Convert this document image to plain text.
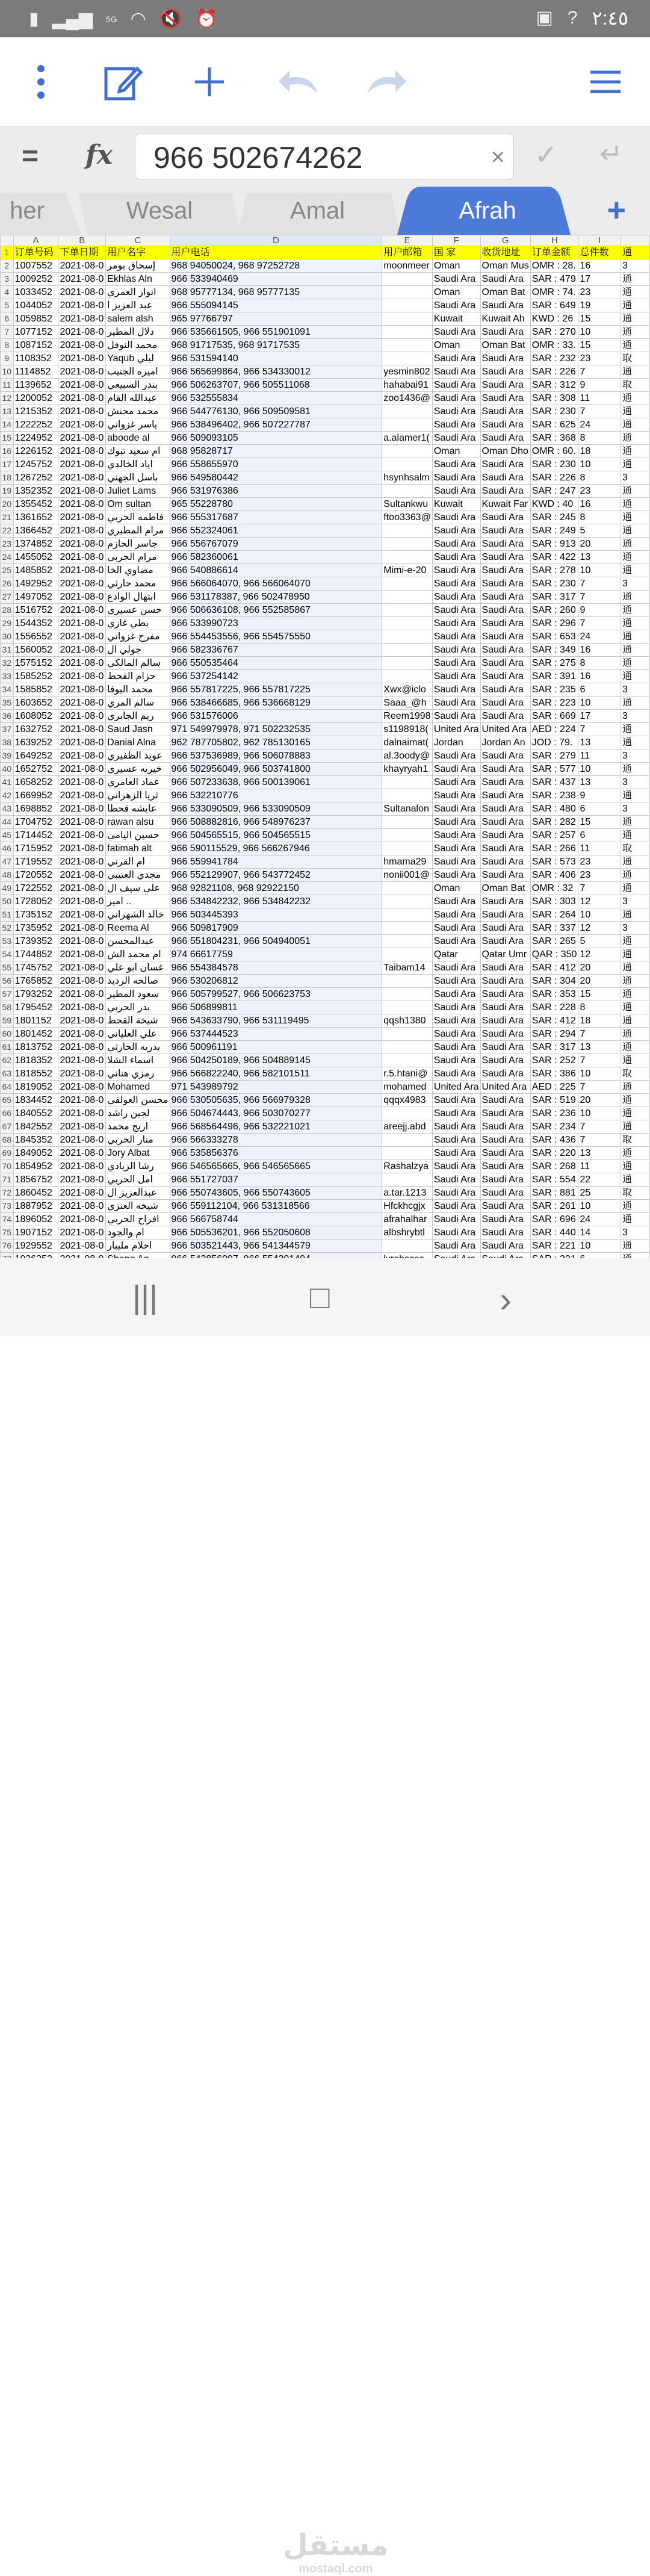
▮ ▂▄▆ 5G ◠ 🔇 ⏰	▣ ? ٢:٤٥
= fx 966 502674262	× ✓ ↵
her	Wesal	Amal	Afrah	+
	A	B	C	D	E	F	G	H	I	
1	订单号码	下单日期	用户名字	用户电话	用户邮箱	国 家	收货地址	订单金额	总件数	通
2	1007552	2021-08-0	إسحاق بومر	968 94050024, 968 97252728	moonmeer	Oman	Oman Mus	OMR : 28.	16	3
3	1009252	2021-08-0	Ekhlas Aln	966 533940469		Saudi Ara	Saudi Ara	SAR : 479	17	通
4	1033452	2021-08-0	انوار العمري	968 95777134, 968 95777135		Oman	Oman Bat	OMR : 74.	23	通
5	1044052	2021-08-0	عبد العزيز ا	966 555094145		Saudi Ara	Saudi Ara	SAR : 649	19	通
6	1059852	2021-08-0	salem alsh	965 97766797		Kuwait	Kuwait Ah	KWD : 26	15	通
7	1077152	2021-08-0	دلال المطير	966 535661505, 966 551901091		Saudi Ara	Saudi Ara	SAR : 270	10	通
8	1087152	2021-08-0	محمد النوفل	968 91717535, 968 91717535		Oman	Oman Bat	OMR : 33.	15	通
9	1108352	2021-08-0	Yaqub ليلي	966 531594140		Saudi Ara	Saudi Ara	SAR : 232	23	取
10	1114852	2021-08-0	اميره الجنيب	966 565699864, 966 534330012	yesmin802	Saudi Ara	Saudi Ara	SAR : 226	7	通
11	1139652	2021-08-0	بندر السبيعي	966 506263707, 966 505511068	hahabai91	Saudi Ara	Saudi Ara	SAR : 312	9	取
12	1200052	2021-08-0	عبدالله القام	966 532555834	zoo1436@	Saudi Ara	Saudi Ara	SAR : 308	11	通
13	1215352	2021-08-0	محمد محنش	966 544776130, 966 509509581		Saudi Ara	Saudi Ara	SAR : 230	7	通
14	1222252	2021-08-0	ياسر غزواني	966 538496402, 966 507227787		Saudi Ara	Saudi Ara	SAR : 625	24	通
15	1224952	2021-08-0	aboode al	966 509093105	a.alamer1(	Saudi Ara	Saudi Ara	SAR : 368	8	通
16	1226152	2021-08-0	ام سعيد تبوك	968 95828717		Oman	Oman Dho	OMR : 60.	18	通
17	1245752	2021-08-0	اياد الخالدي	966 558655970		Saudi Ara	Saudi Ara	SAR : 230	10	通
18	1267252	2021-08-0	باسل الجهني	966 549580442	hsynhsalm	Saudi Ara	Saudi Ara	SAR : 226	8	3
19	1352352	2021-08-0	Juliet Lams	966 531976386		Saudi Ara	Saudi Ara	SAR : 247	23	通
20	1355452	2021-08-0	Om sultan	965 55228780	Sultankwu	Kuwait	Kuwait Far	KWD : 40	16	通
21	1361652	2021-08-0	فاطمه الحربي	966 555317687	ftoo3363@	Saudi Ara	Saudi Ara	SAR : 245	8	通
22	1366452	2021-08-0	مرام المطيري	966 552324061		Saudi Ara	Saudi Ara	SAR : 249	5	通
23	1374852	2021-08-0	جاسر الحازم	966 556767079		Saudi Ara	Saudi Ara	SAR : 913	20	通
24	1455052	2021-08-0	مرام الحربي	966 582360061		Saudi Ara	Saudi Ara	SAR : 422	13	通
25	1485852	2021-08-0	مضاوي الخا	966 540886614	Mimi-e-20	Saudi Ara	Saudi Ara	SAR : 278	10	通
26	1492952	2021-08-0	محمد حارثي	966 566064070, 966 566064070		Saudi Ara	Saudi Ara	SAR : 230	7	3
27	1497052	2021-08-0	ابتهال الوادع	966 531178387, 966 502478950		Saudi Ara	Saudi Ara	SAR : 317	7	通
28	1516752	2021-08-0	حسن عسيري	966 506636108, 966 552585867		Saudi Ara	Saudi Ara	SAR : 260	9	通
29	1544352	2021-08-0	بطي غازي	966 533990723		Saudi Ara	Saudi Ara	SAR : 296	7	通
30	1556552	2021-08-0	مفرح غزواني	966 554453556, 966 554575550		Saudi Ara	Saudi Ara	SAR : 653	24	通
31	1560052	2021-08-0	جولي ال	966 582336767		Saudi Ara	Saudi Ara	SAR : 349	16	通
32	1575152	2021-08-0	سالم المالكي	966 550535464		Saudi Ara	Saudi Ara	SAR : 275	8	通
33	1585252	2021-08-0	حزام القحط	966 537254142		Saudi Ara	Saudi Ara	SAR : 391	16	通
34	1585852	2021-08-0	محمد اليوفا	966 557817225, 966 557817225	Xwx@iclo	Saudi Ara	Saudi Ara	SAR : 235	6	3
35	1603652	2021-08-0	سالم المري	966 538466685, 966 536668129	Saaa_@h	Saudi Ara	Saudi Ara	SAR : 223	10	通
36	1608052	2021-08-0	ريم الجابري	966 531576006	Reem1998	Saudi Ara	Saudi Ara	SAR : 669	17	3
37	1632752	2021-08-0	Saud Jasn	971 549979978, 971 502232535	s1198918(	United Ara	United Ara	AED : 224	7	通
38	1639252	2021-08-0	Danial Alna	962 787705802, 962 785130165	dalnaimat(	Jordan	Jordan An	JOD : 79.	13	通
39	1649252	2021-08-0	عويد الظفيري	966 537536989, 966 506078883	al.3oody@	Saudi Ara	Saudi Ara	SAR : 279	11	3
40	1652752	2021-08-0	خيريه عسيري	966 502956049, 966 503741800	khayryah1	Saudi Ara	Saudi Ara	SAR : 577	10	通
41	1658252	2021-08-0	عماد العامري	966 507233638, 966 500139061		Saudi Ara	Saudi Ara	SAR : 437	13	3
42	1669952	2021-08-0	ثريا الزهراني	966 532210776		Saudi Ara	Saudi Ara	SAR : 238	9	通
43	1698852	2021-08-0	عايشه قحطا	966 533090509, 966 533090509	Sultanalon	Saudi Ara	Saudi Ara	SAR : 480	6	3
44	1704752	2021-08-0	rawan alsu	966 508882816, 966 548976237		Saudi Ara	Saudi Ara	SAR : 282	15	通
45	1714452	2021-08-0	حسين اليامي	966 504565515, 966 504565515		Saudi Ara	Saudi Ara	SAR : 257	6	通
46	1715952	2021-08-0	fatimah alt	966 590115529, 966 566267946		Saudi Ara	Saudi Ara	SAR : 266	11	取
47	1719552	2021-08-0	ام القرني	966 559941784	hmama29	Saudi Ara	Saudi Ara	SAR : 573	23	通
48	1720552	2021-08-0	مجدي العتيبي	966 552129907, 966 543772452	nonii001@	Saudi Ara	Saudi Ara	SAR : 406	23	通
49	1722552	2021-08-0	علي سيف ال	968 92821108, 968 92922150		Oman	Oman Bat	OMR : 32	7	通
50	1728052	2021-08-0	امير ..	966 534842232, 966 534842232		Saudi Ara	Saudi Ara	SAR : 303	12	3
51	1735152	2021-08-0	خالد الشهراني	966 503445393		Saudi Ara	Saudi Ara	SAR : 264	10	通
52	1735952	2021-08-0	Reema Al	966 509817909		Saudi Ara	Saudi Ara	SAR : 337	12	3
53	1739352	2021-08-0	عبدالمحسن	966 551804231, 966 504940051		Saudi Ara	Saudi Ara	SAR : 265	5	通
54	1744852	2021-08-0	ام محمد الش	974 66617759		Qatar	Qatar Umr	QAR : 350	12	通
55	1745752	2021-08-0	غسان ابو علي	966 554384578	Taibam14	Saudi Ara	Saudi Ara	SAR : 412	20	通
56	1765852	2021-08-0	صالحه الرديد	966 530206812		Saudi Ara	Saudi Ara	SAR : 304	20	通
57	1793252	2021-08-0	سعود المطير	966 505799527, 966 506623753		Saudi Ara	Saudi Ara	SAR : 353	15	通
58	1795452	2021-08-0	بدر الحربي	966 506899811		Saudi Ara	Saudi Ara	SAR : 228	8	通
59	1801152	2021-08-0	شيخة القحط	966 543633790, 966 531119495	qqsh1380	Saudi Ara	Saudi Ara	SAR : 412	18	通
60	1801452	2021-08-0	علي العلياني	966 537444523		Saudi Ara	Saudi Ara	SAR : 294	7	通
61	1813752	2021-08-0	بدريه الحارثي	966 500961191		Saudi Ara	Saudi Ara	SAR : 317	13	通
62	1818352	2021-08-0	اسماء الشلا	966 504250189, 966 504889145		Saudi Ara	Saudi Ara	SAR : 252	7	通
63	1818552	2021-08-0	رمزي هتاني	966 566822240, 966 582101511	r.5.htani@	Saudi Ara	Saudi Ara	SAR : 386	10	取
64	1819052	2021-08-0	Mohamed	971 543989792	mohamed	United Ara	United Ara	AED : 225	7	通
65	1834452	2021-08-0	محسن العولقي	966 530505635, 966 566979328	qqqx4983	Saudi Ara	Saudi Ara	SAR : 519	20	通
66	1840552	2021-08-0	لجين راشد	966 504674443, 966 503070277		Saudi Ara	Saudi Ara	SAR : 236	10	通
67	1842552	2021-08-0	اريج محمد	966 568564496, 966 532221021	areejj.abd	Saudi Ara	Saudi Ara	SAR : 234	7	通
68	1845352	2021-08-0	منار الحربي	966 566333278		Saudi Ara	Saudi Ara	SAR : 436	7	取
69	1849052	2021-08-0	Jory Albat	966 535856376		Saudi Ara	Saudi Ara	SAR : 220	13	通
70	1854952	2021-08-0	رشا الزيادي	966 546565665, 966 546565665	Rashalzya	Saudi Ara	Saudi Ara	SAR : 268	11	通
71	1856752	2021-08-0	امل الحربي	966 551727037		Saudi Ara	Saudi Ara	SAR : 554	22	通
72	1860452	2021-08-0	عبدالعزيز ال	966 550743605, 966 550743605	a.tar.1213	Saudi Ara	Saudi Ara	SAR : 881	25	取
73	1887952	2021-08-0	شيخه العنزي	966 559112104, 966 531318566	Hfckhcgjx	Saudi Ara	Saudi Ara	SAR : 261	10	通
74	1896052	2021-08-0	افراح الحربي	966 566758744	afrahalhar	Saudi Ara	Saudi Ara	SAR : 696	24	通
75	1907152	2021-08-0	ام والجود	966 505536201, 966 552050608	albshrybtl	Saudi Ara	Saudi Ara	SAR : 440	14	3
76	1929552	2021-08-0	احلام مليبار	966 503521443, 966 541344579		Saudi Ara	Saudi Ara	SAR : 221	10	通

|||	□	›
مستقل
mostaql.com
